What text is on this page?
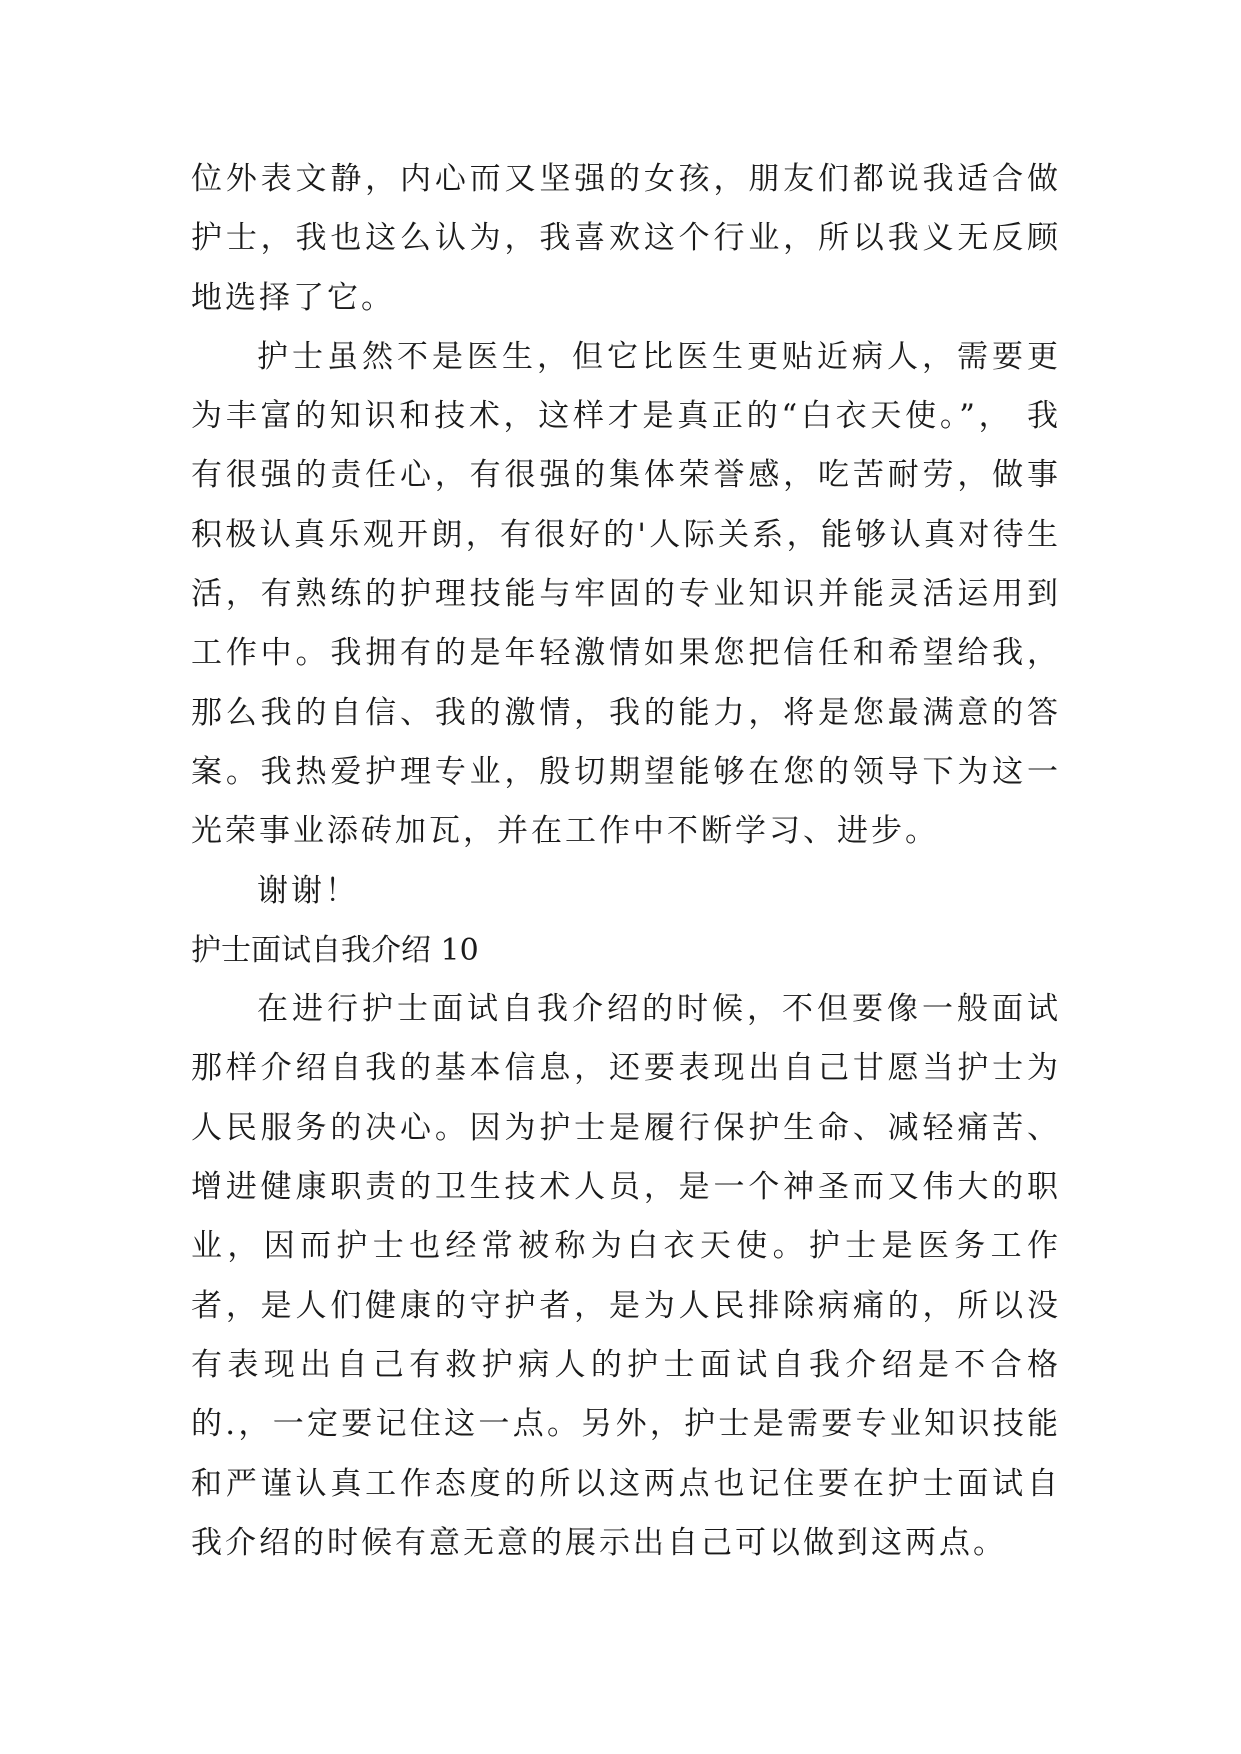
位外表文静，内心而又坚强的女孩，朋友们都说我适合做护士，我也这么认为，我喜欢这个行业，所以我义无反顾地选择了它。

护士虽然不是医生，但它比医生更贴近病人，需要更为丰富的知识和技术，这样才是真正的“白衣天使。”， 我有很强的责任心，有很强的集体荣誉感，吃苦耐劳，做事积极认真乐观开朗，有很好的'人际关系，能够认真对待生活，有熟练的护理技能与牢固的专业知识并能灵活运用到工作中。我拥有的是年轻激情如果您把信任和希望给我，那么我的自信、我的激情，我的能力，将是您最满意的答案。我热爱护理专业，殷切期望能够在您的领导下为这一光荣事业添砖加瓦，并在工作中不断学习、进步。

谢谢！

护士面试自我介绍 10

在进行护士面试自我介绍的时候，不但要像一般面试那样介绍自我的基本信息，还要表现出自己甘愿当护士为人民服务的决心。因为护士是履行保护生命、减轻痛苦、增进健康职责的卫生技术人员，是一个神圣而又伟大的职业，因而护士也经常被称为白衣天使。护士是医务工作者，是人们健康的守护者，是为人民排除病痛的，所以没有表现出自己有救护病人的护士面试自我介绍是不合格的.，一定要记住这一点。另外，护士是需要专业知识技能和严谨认真工作态度的所以这两点也记住要在护士面试自我介绍的时候有意无意的展示出自己可以做到这两点。
